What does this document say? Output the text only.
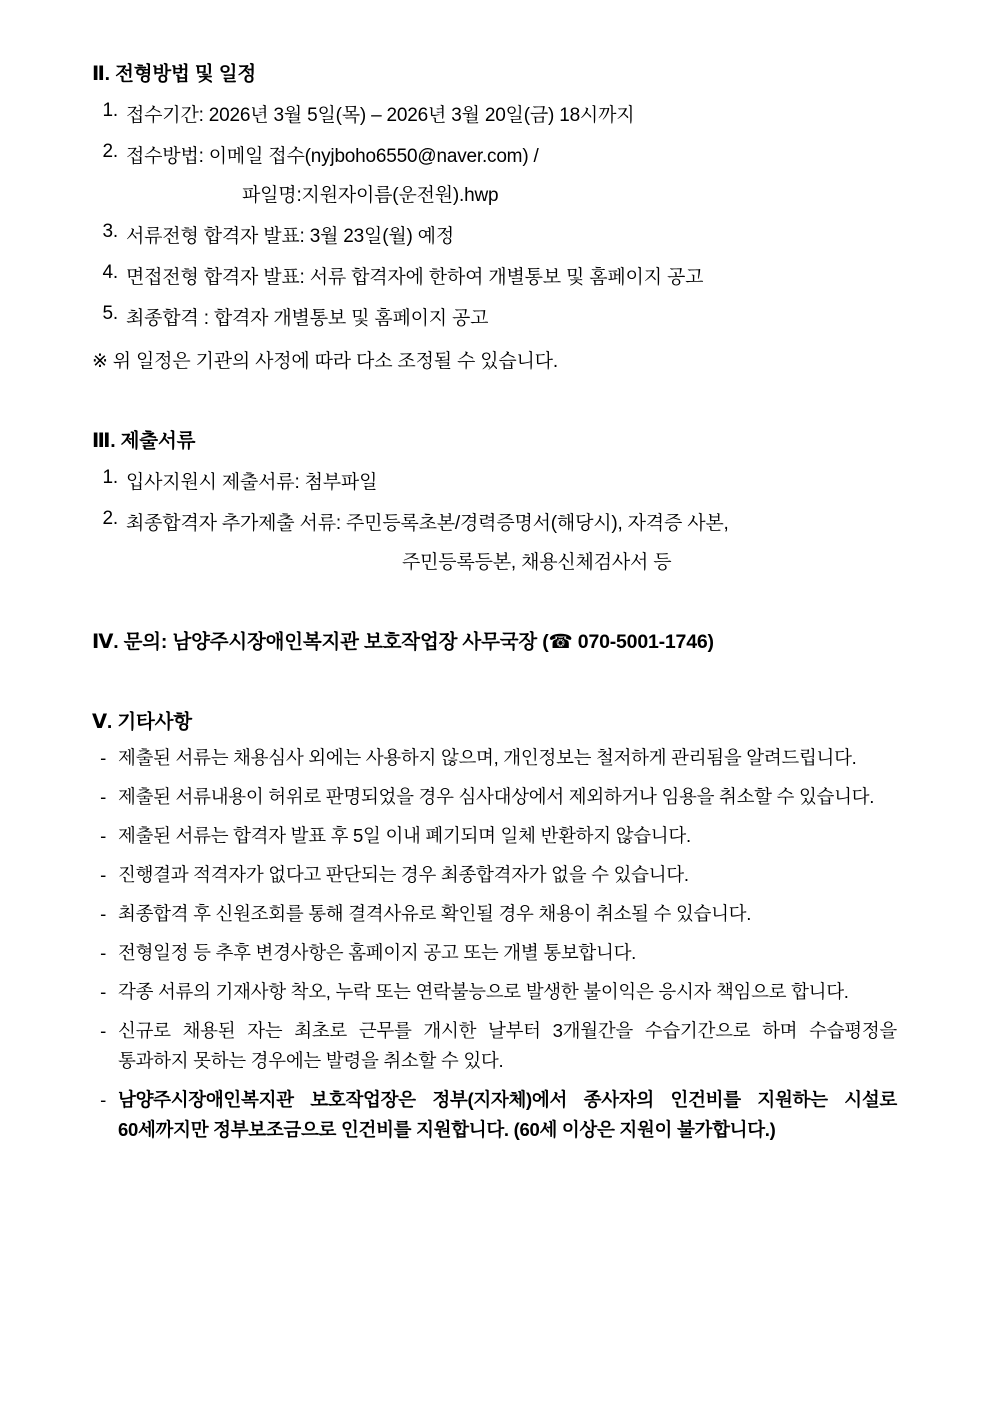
Ⅱ. 전형방법 및 일정
1. 접수기간: 2026년 3월 5일(목) – 2026년 3월 20일(금) 18시까지
2. 접수방법: 이메일 접수(nyjboho6550@naver.com) /
파일명:지원자이름(운전원).hwp
3. 서류전형 합격자 발표: 3월 23일(월) 예정
4. 면접전형 합격자 발표: 서류 합격자에 한하여 개별통보 및 홈페이지 공고
5. 최종합격 : 합격자 개별통보 및 홈페이지 공고
※ 위 일정은 기관의 사정에 따라 다소 조정될 수 있습니다.
Ⅲ. 제출서류
1. 입사지원시 제출서류: 첨부파일
2. 최종합격자 추가제출 서류: 주민등록초본/경력증명서(해당시), 자격증 사본,
주민등록등본, 채용신체검사서 등
Ⅳ. 문의: 남양주시장애인복지관 보호작업장 사무국장 (☎ 070-5001-1746)
Ⅴ. 기타사항
- 제출된 서류는 채용심사 외에는 사용하지 않으며, 개인정보는 철저하게 관리됨을 알려드립니다.
- 제출된 서류내용이 허위로 판명되었을 경우 심사대상에서 제외하거나 임용을 취소할 수 있습니다.
- 제출된 서류는 합격자 발표 후 5일 이내 폐기되며 일체 반환하지 않습니다.
- 진행결과 적격자가 없다고 판단되는 경우 최종합격자가 없을 수 있습니다.
- 최종합격 후 신원조회를 통해 결격사유로 확인될 경우 채용이 취소될 수 있습니다.
- 전형일정 등 추후 변경사항은 홈페이지 공고 또는 개별 통보합니다.
- 각종 서류의 기재사항 착오, 누락 또는 연락불능으로 발생한 불이익은 응시자 책임으로 합니다.
- 신규로 채용된 자는 최초로 근무를 개시한 날부터 3개월간을 수습기간으로 하며 수습평정을 통과하지 못하는 경우에는 발령을 취소할 수 있다.
- 남양주시장애인복지관 보호작업장은 정부(지자체)에서 종사자의 인건비를 지원하는 시설로 60세까지만 정부보조금으로 인건비를 지원합니다. (60세 이상은 지원이 불가합니다.)
